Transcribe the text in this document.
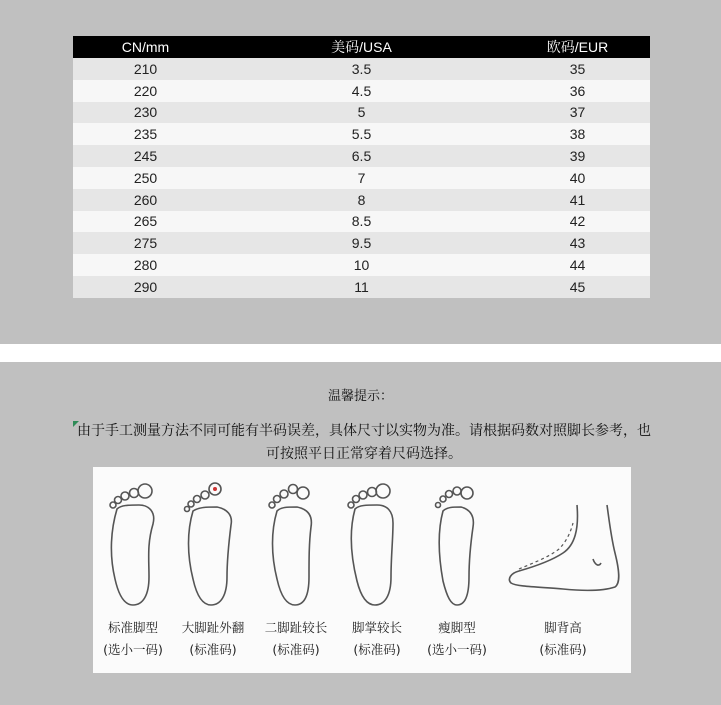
CN/mm	美码/USA	欧码/EUR
210	3.5	35
220	4.5	36
230	5	37
235	5.5	38
245	6.5	39
250	7	40
260	8	41
265	8.5	42
275	9.5	43
280	10	44
290	11	45
温馨提示：
由于手工测量方法不同可能有半码误差，具体尺寸以实物为准。请根据码数对照脚长参考，也可按照平日正常穿着尺码选择。
标准脚型
(选小一码)
大脚趾外翻
(标准码)
二脚趾较长
(标准码)
脚掌较长
(标准码)
瘦脚型
(选小一码)
脚背高
(标准码)
